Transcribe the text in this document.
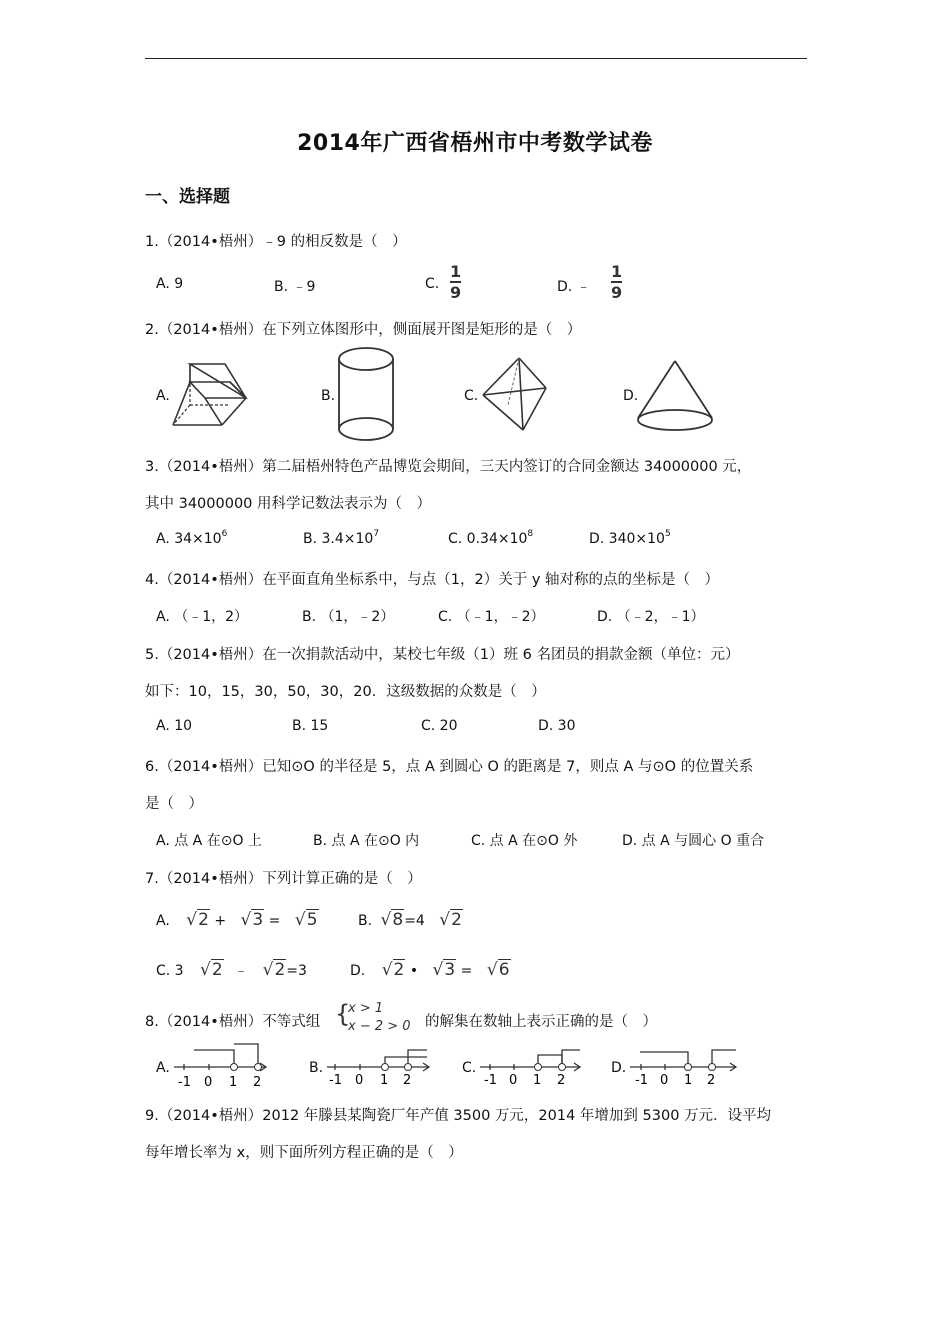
2014年广西省梧州市中考数学试卷
一、选择题
1.（2014•梧州）﹣9 的相反数是（　）
A. 9	B. ﹣9	C.
1
9	D. ﹣
1
9
2.（2014•梧州）在下列立体图形中，侧面展开图是矩形的是（　）
A.	B.	C.	D.
3.（2014•梧州）第二届梧州特色产品博览会期间，三天内签订的合同金额达 34000000 元，
其中 34000000 用科学记数法表示为（　）
A. $34\times 10^6$	B. $3.4\times 10^7$	C. $0.34\times 10^8$	D. $340\times 10^5$
4.（2014•梧州）在平面直角坐标系中，与点（1，2）关于 y 轴对称的点的坐标是（　）
A. （﹣1，2）	B. （1，﹣2）	C. （﹣1，﹣2）	D. （﹣2，﹣1）
5.（2014•梧州）在一次捐款活动中，某校七年级（1）班 6 名团员的捐款金额（单位：元）
如下：10，15，30，50，30，20．这级数据的众数是（　）
A. 10	B. 15	C. 20	D. 30
6.（2014•梧州）已知⊙O 的半径是 5，点 A 到圆心 O 的距离是 7，则点 A 与⊙O 的位置关系
是（　）
A. 点 A 在⊙O 上	B. 点 A 在⊙O 内	C. 点 A 在⊙O 外	D. 点 A 与圆心 O 重合
7.（2014•梧州）下列计算正确的是（　）
A. √2 + √3 = √5	B. √8=4 √2
C. 3 √2 ﹣ √2=3	D. √2 • √3 = √6
8.（2014•梧州）不等式组 {
x > 1
x − 2 > 0 的解集在数轴上表示正确的是（　）
A.	B.	C.	D.
-1 0 1 2	-1 0 1 2	-1 0 1 2	-1 0 1 2
9.（2014•梧州）2012 年滕县某陶瓷厂年产值 3500 万元，2014 年增加到 5300 万元．设平均
每年增长率为 x，则下面所列方程正确的是（　）
